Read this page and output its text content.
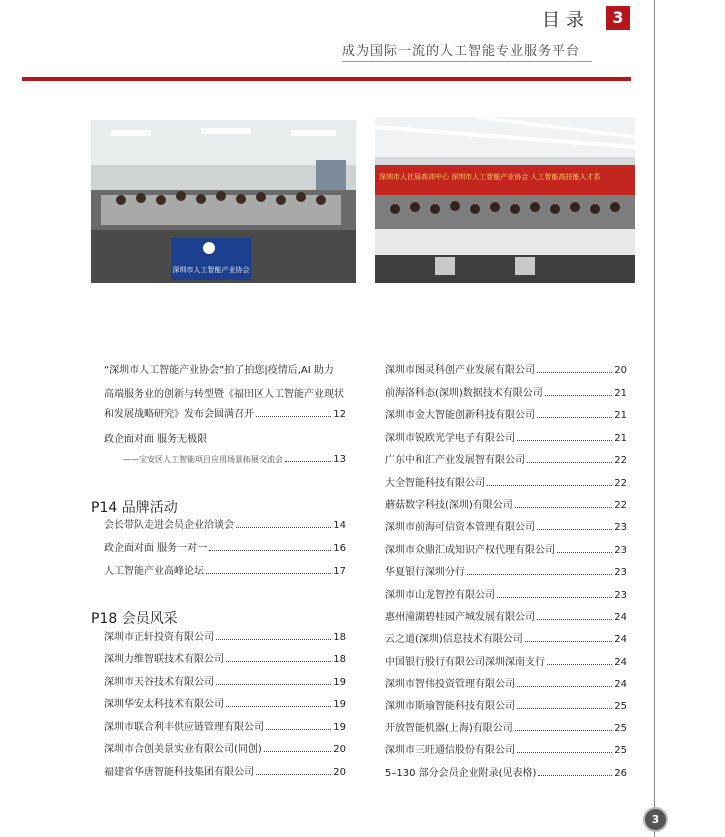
目录	3
成为国际一流的人工智能专业服务平台
深圳市人工智能产业协会
深圳市人社局高训中心 深圳市人工智能产业协会 人工智能高技能人才系
“深圳市人工智能产业协会”拍了拍您|疫情后,AI 助力
高端服务业的创新与转型暨《福田区人工智能产业现状
和发展战略研究》发布会圆满召开	12
政企面对面 服务无极限
——宝安区人工智能项目应用场景拓展交流会	13
P14 品牌活动
会长带队走进会员企业洽谈会	14
政企面对面 服务一对一	16
人工智能产业高峰论坛	17
P18 会员风采
深圳市正轩投资有限公司	18
深圳力维智联技术有限公司	18
深圳市天谷技术有限公司	19
深圳华安太科技术有限公司	19
深圳市联合利丰供应链管理有限公司	19
深圳市合创美景实业有限公司(同创)	20
福建省华唐智能科技集团有限公司	20
深圳市图灵科创产业发展有限公司	20
前海洛科态(深圳)数据技术有限公司	21
深圳市金大智能创新科技有限公司	21
深圳市锐欧光学电子有限公司	21
广东中和汇产业发展智有限公司	22
大全智能科技有限公司	22
蘑菇数字科技(深圳)有限公司	22
深圳市前海可信资本管理有限公司	23
深圳市众鼎汇成知识产权代理有限公司	23
华夏银行深圳分行	23
深圳市山龙智控有限公司	23
惠州潼湖碧桂园产城发展有限公司	24
云之道(深圳)信息技术有限公司	24
中国银行股行有限公司深圳深南支行	24
深圳市智伟投资管理有限公司	24
深圳市斯瑜智能科技有限公司	25
开放智能机器(上海)有限公司	25
深圳市三旺通信股份有限公司	25
5–130 部分会员企业附录(见表格)	26
3
